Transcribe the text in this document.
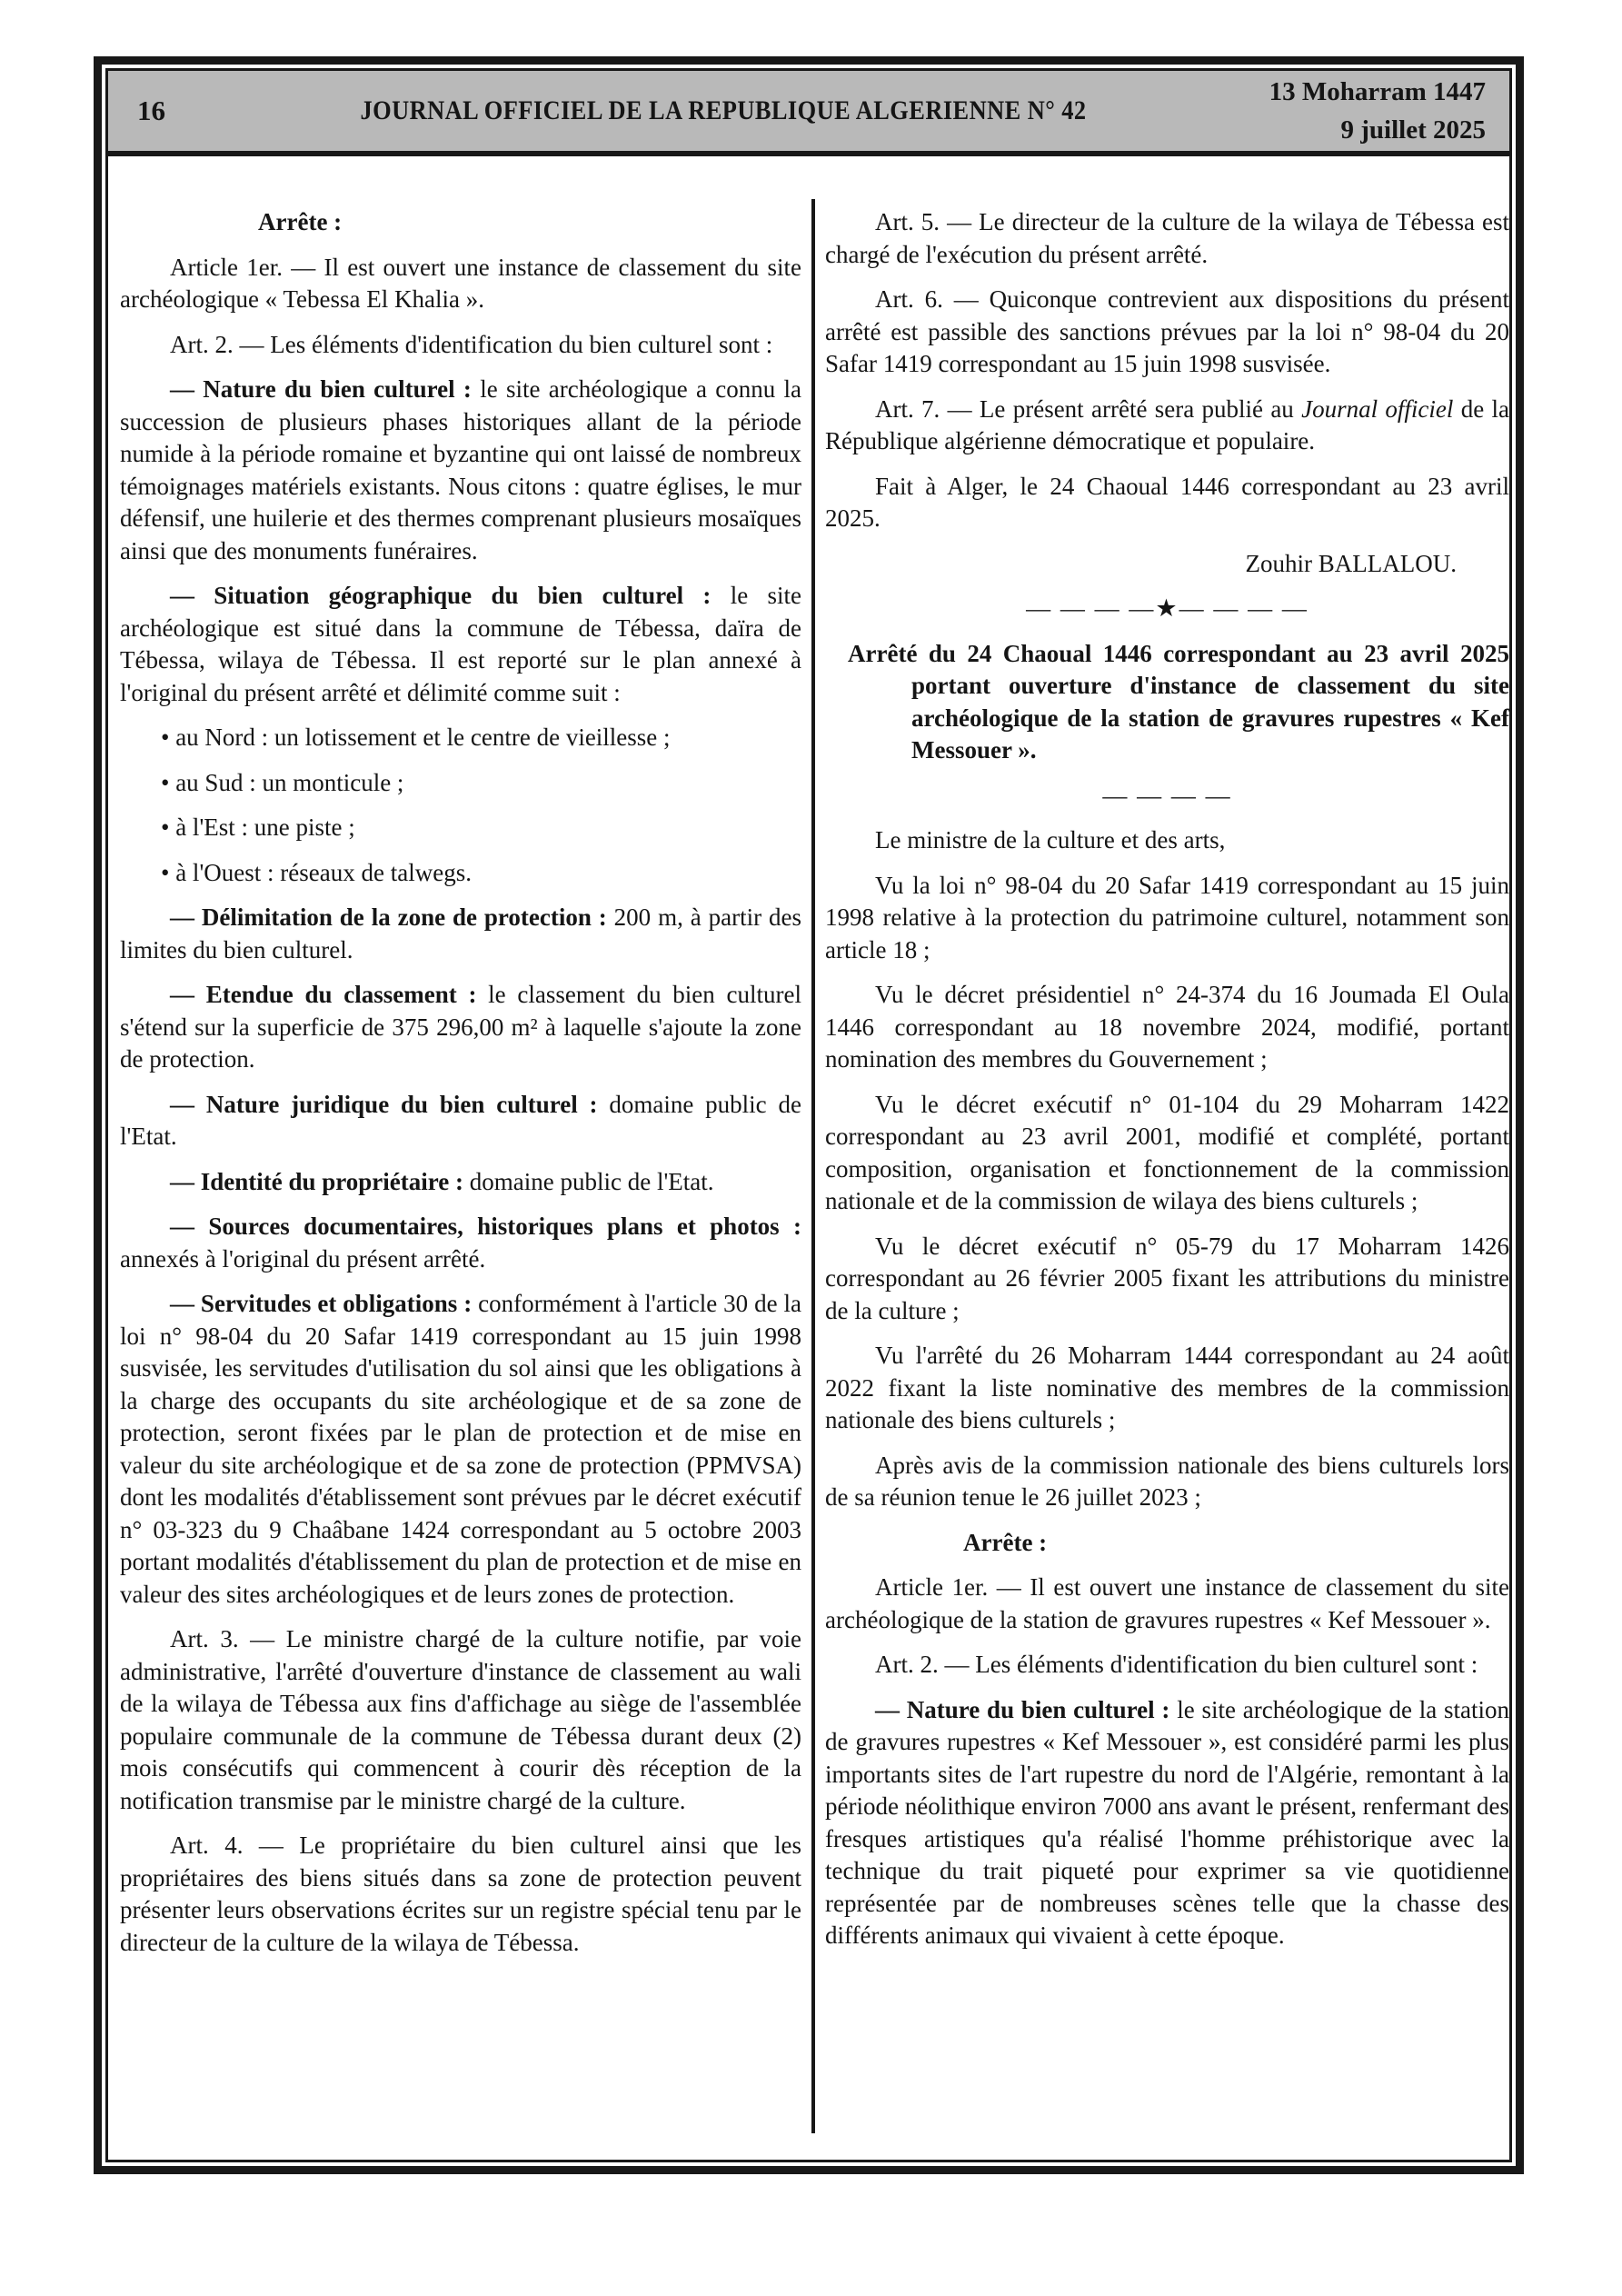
16	JOURNAL OFFICIEL DE LA REPUBLIQUE ALGERIENNE N° 42
13 Moharram 1447
9 juillet 2025

Arrête :

Article 1er. — Il est ouvert une instance de classement du site archéologique « Tebessa El Khalia ».

Art. 2. — Les éléments d'identification du bien culturel sont :

— Nature du bien culturel : le site archéologique a connu la succession de plusieurs phases historiques allant de la période numide à la période romaine et byzantine qui ont laissé de nombreux témoignages matériels existants. Nous citons : quatre églises, le mur défensif, une huilerie et des thermes comprenant plusieurs mosaïques ainsi que des monuments funéraires.

— Situation géographique du bien culturel : le site archéologique est situé dans la commune de Tébessa, daïra de Tébessa, wilaya de Tébessa. Il est reporté sur le plan annexé à l'original du présent arrêté et délimité comme suit :

• au Nord : un lotissement et le centre de vieillesse ;

• au Sud : un monticule ;

• à l'Est : une piste ;

• à l'Ouest : réseaux de talwegs.

— Délimitation de la zone de protection : 200 m, à partir des limites du bien culturel.

— Etendue du classement : le classement du bien culturel s'étend sur la superficie de 375 296,00 m² à laquelle s'ajoute la zone de protection.

— Nature juridique du bien culturel : domaine public de l'Etat.

— Identité du propriétaire : domaine public de l'Etat.

— Sources documentaires, historiques plans et photos : annexés à l'original du présent arrêté.

— Servitudes et obligations : conformément à l'article 30 de la loi n° 98-04 du 20 Safar 1419 correspondant au 15 juin 1998 susvisée, les servitudes d'utilisation du sol ainsi que les obligations à la charge des occupants du site archéologique et de sa zone de protection, seront fixées par le plan de protection et de mise en valeur du site archéologique et de sa zone de protection (PPMVSA) dont les modalités d'établissement sont prévues par le décret exécutif n° 03-323 du 9 Chaâbane 1424 correspondant au 5 octobre 2003 portant modalités d'établissement du plan de protection et de mise en valeur des sites archéologiques et de leurs zones de protection.

Art. 3. — Le ministre chargé de la culture notifie, par voie administrative, l'arrêté d'ouverture d'instance de classement au wali de la wilaya de Tébessa aux fins d'affichage au siège de l'assemblée populaire communale de la commune de Tébessa durant deux (2) mois consécutifs qui commencent à courir dès réception de la notification transmise par le ministre chargé de la culture.

Art. 4. — Le propriétaire du bien culturel ainsi que les propriétaires des biens situés dans sa zone de protection peuvent présenter leurs observations écrites sur un registre spécial tenu par le directeur de la culture de la wilaya de Tébessa.

Art. 5. — Le directeur de la culture de la wilaya de Tébessa est chargé de l'exécution du présent arrêté.

Art. 6. — Quiconque contrevient aux dispositions du présent arrêté est passible des sanctions prévues par la loi n° 98-04 du 20 Safar 1419 correspondant au 15 juin 1998 susvisée.

Art. 7. — Le présent arrêté sera publié au Journal officiel de la République algérienne démocratique et populaire.

Fait à Alger, le 24 Chaoual 1446 correspondant au 23 avril 2025.

Zouhir BALLALOU.

— — — —★— — — —

Arrêté du 24 Chaoual 1446 correspondant au 23 avril 2025 portant ouverture d'instance de classement du site archéologique de la station de gravures rupestres « Kef Messouer ».

— — — —

Le ministre de la culture et des arts,

Vu la loi n° 98-04 du 20 Safar 1419 correspondant au 15 juin 1998 relative à la protection du patrimoine culturel, notamment son article 18 ;

Vu le décret présidentiel n° 24-374 du 16 Joumada El Oula 1446 correspondant au 18 novembre 2024, modifié, portant nomination des membres du Gouvernement ;

Vu le décret exécutif n° 01-104 du 29 Moharram 1422 correspondant au 23 avril 2001, modifié et complété, portant composition, organisation et fonctionnement de la commission nationale et de la commission de wilaya des biens culturels ;

Vu le décret exécutif n° 05-79 du 17 Moharram 1426 correspondant au 26 février 2005 fixant les attributions du ministre de la culture ;

Vu l'arrêté du 26 Moharram 1444 correspondant au 24 août 2022 fixant la liste nominative des membres de la commission nationale des biens culturels ;

Après avis de la commission nationale des biens culturels lors de sa réunion tenue le 26 juillet 2023 ;

Arrête :

Article 1er. — Il est ouvert une instance de classement du site archéologique de la station de gravures rupestres « Kef Messouer ».

Art. 2. — Les éléments d'identification du bien culturel sont :

— Nature du bien culturel : le site archéologique de la station de gravures rupestres « Kef Messouer », est considéré parmi les plus importants sites de l'art rupestre du nord de l'Algérie, remontant à la période néolithique environ 7000 ans avant le présent, renfermant des fresques artistiques qu'a réalisé l'homme préhistorique avec la technique du trait piqueté pour exprimer sa vie quotidienne représentée par de nombreuses scènes telle que la chasse des différents animaux qui vivaient à cette époque.
